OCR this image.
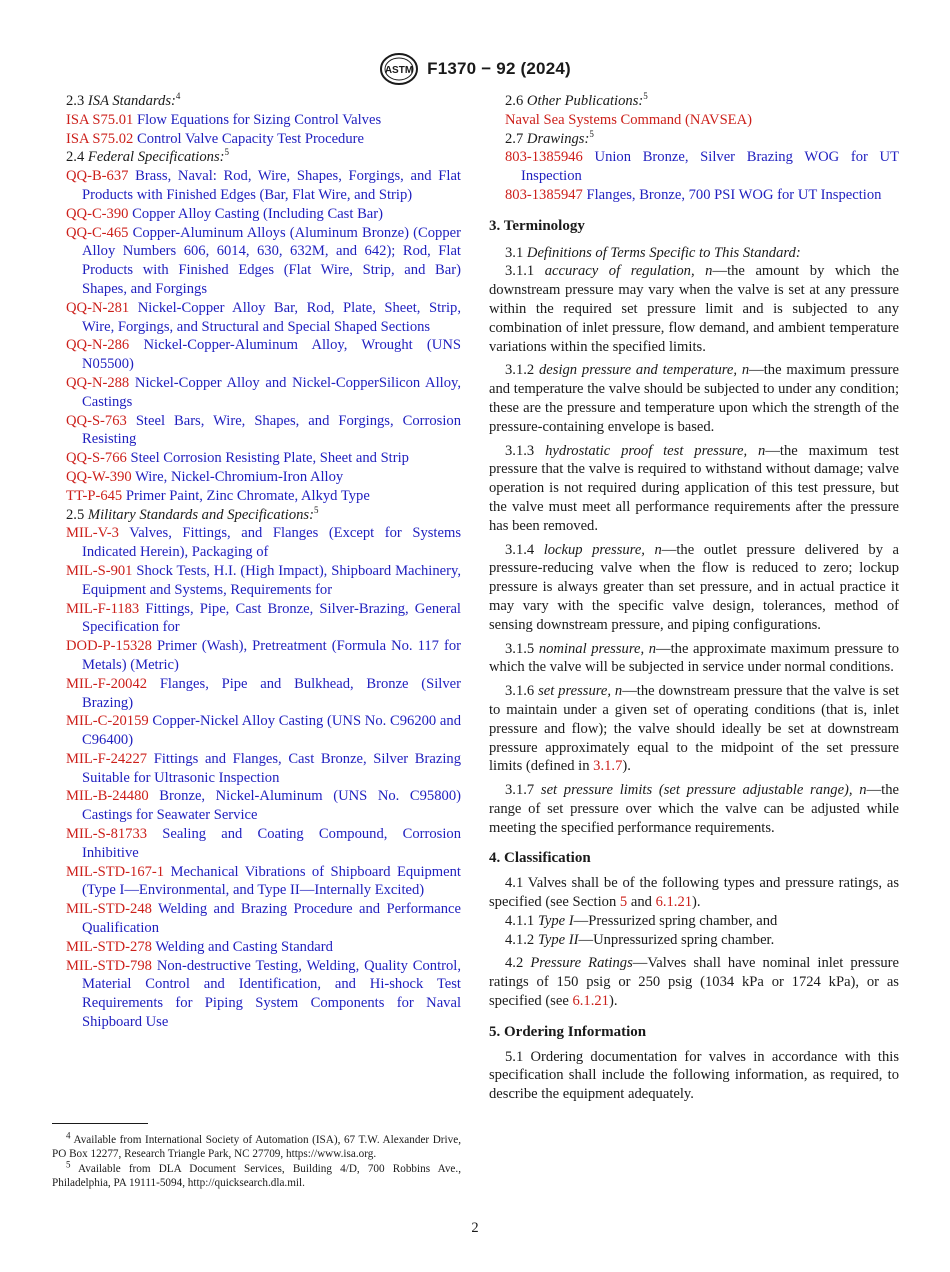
ASTM F1370 − 92 (2024)

2.3 ISA Standards:$^4$

ISA S75.01 Flow Equations for Sizing Control Valves

ISA S75.02 Control Valve Capacity Test Procedure

2.4 Federal Specifications:$^5$

QQ-B-637 Brass, Naval: Rod, Wire, Shapes, Forgings, and Flat Products with Finished Edges (Bar, Flat Wire, and Strip)

QQ-C-390 Copper Alloy Casting (Including Cast Bar)

QQ-C-465 Copper-Aluminum Alloys (Aluminum Bronze) (Copper Alloy Numbers 606, 6014, 630, 632M, and 642); Rod, Flat Products with Finished Edges (Flat Wire, Strip, and Bar) Shapes, and Forgings

QQ-N-281 Nickel-Copper Alloy Bar, Rod, Plate, Sheet, Strip, Wire, Forgings, and Structural and Special Shaped Sections

QQ-N-286 Nickel-Copper-Aluminum Alloy, Wrought (UNS N05500)

QQ-N-288 Nickel-Copper Alloy and Nickel-CopperSilicon Alloy, Castings

QQ-S-763 Steel Bars, Wire, Shapes, and Forgings, Corrosion Resisting

QQ-S-766 Steel Corrosion Resisting Plate, Sheet and Strip

QQ-W-390 Wire, Nickel-Chromium-Iron Alloy

TT-P-645 Primer Paint, Zinc Chromate, Alkyd Type

2.5 Military Standards and Specifications:$^5$

MIL-V-3 Valves, Fittings, and Flanges (Except for Systems Indicated Herein), Packaging of

MIL-S-901 Shock Tests, H.I. (High Impact), Shipboard Machinery, Equipment and Systems, Requirements for

MIL-F-1183 Fittings, Pipe, Cast Bronze, Silver-Brazing, General Specification for

DOD-P-15328 Primer (Wash), Pretreatment (Formula No. 117 for Metals) (Metric)

MIL-F-20042 Flanges, Pipe and Bulkhead, Bronze (Silver Brazing)

MIL-C-20159 Copper-Nickel Alloy Casting (UNS No. C96200 and C96400)

MIL-F-24227 Fittings and Flanges, Cast Bronze, Silver Brazing Suitable for Ultrasonic Inspection

MIL-B-24480 Bronze, Nickel-Aluminum (UNS No. C95800) Castings for Seawater Service

MIL-S-81733 Sealing and Coating Compound, Corrosion Inhibitive

MIL-STD-167-1 Mechanical Vibrations of Shipboard Equipment (Type I—Environmental, and Type II—Internally Excited)

MIL-STD-248 Welding and Brazing Procedure and Performance Qualification

MIL-STD-278 Welding and Casting Standard

MIL-STD-798 Non-destructive Testing, Welding, Quality Control, Material Control and Identification, and Hi-shock Test Requirements for Piping System Components for Naval Shipboard Use

2.6 Other Publications:$^5$

Naval Sea Systems Command (NAVSEA)

2.7 Drawings:$^5$

803-1385946 Union Bronze, Silver Brazing WOG for UT Inspection

803-1385947 Flanges, Bronze, 700 PSI WOG for UT Inspection

3. Terminology

3.1 Definitions of Terms Specific to This Standard:

3.1.1 accuracy of regulation, n—the amount by which the downstream pressure may vary when the valve is set at any pressure within the required set pressure limit and is subjected to any combination of inlet pressure, flow demand, and ambient temperature variations within the specified limits.

3.1.2 design pressure and temperature, n—the maximum pressure and temperature the valve should be subjected to under any condition; these are the pressure and temperature upon which the strength of the pressure-containing envelope is based.

3.1.3 hydrostatic proof test pressure, n—the maximum test pressure that the valve is required to withstand without damage; valve operation is not required during application of this test pressure, but the valve must meet all performance requirements after the pressure has been removed.

3.1.4 lockup pressure, n—the outlet pressure delivered by a pressure-reducing valve when the flow is reduced to zero; lockup pressure is always greater than set pressure, and in actual practice it may vary with the specific valve design, tolerances, method of sensing downstream pressure, and piping configurations.

3.1.5 nominal pressure, n—the approximate maximum pressure to which the valve will be subjected in service under normal conditions.

3.1.6 set pressure, n—the downstream pressure that the valve is set to maintain under a given set of operating conditions (that is, inlet pressure and flow); the valve should ideally be set at downstream pressure approximately equal to the midpoint of the set pressure limits (defined in 3.1.7).

3.1.7 set pressure limits (set pressure adjustable range), n—the range of set pressure over which the valve can be adjusted while meeting the specified performance requirements.

4. Classification

4.1 Valves shall be of the following types and pressure ratings, as specified (see Section 5 and 6.1.21).

4.1.1 Type I—Pressurized spring chamber, and

4.1.2 Type II—Unpressurized spring chamber.

4.2 Pressure Ratings—Valves shall have nominal inlet pressure ratings of 150 psig or 250 psig (1034 kPa or 1724 kPa), or as specified (see 6.1.21).

5. Ordering Information

5.1 Ordering documentation for valves in accordance with this specification shall include the following information, as required, to describe the equipment adequately.

$^4$ Available from International Society of Automation (ISA), 67 T.W. Alexander Drive, PO Box 12277, Research Triangle Park, NC 27709, https://www.isa.org.

$^5$ Available from DLA Document Services, Building 4/D, 700 Robbins Ave., Philadelphia, PA 19111-5094, http://quicksearch.dla.mil.

2
